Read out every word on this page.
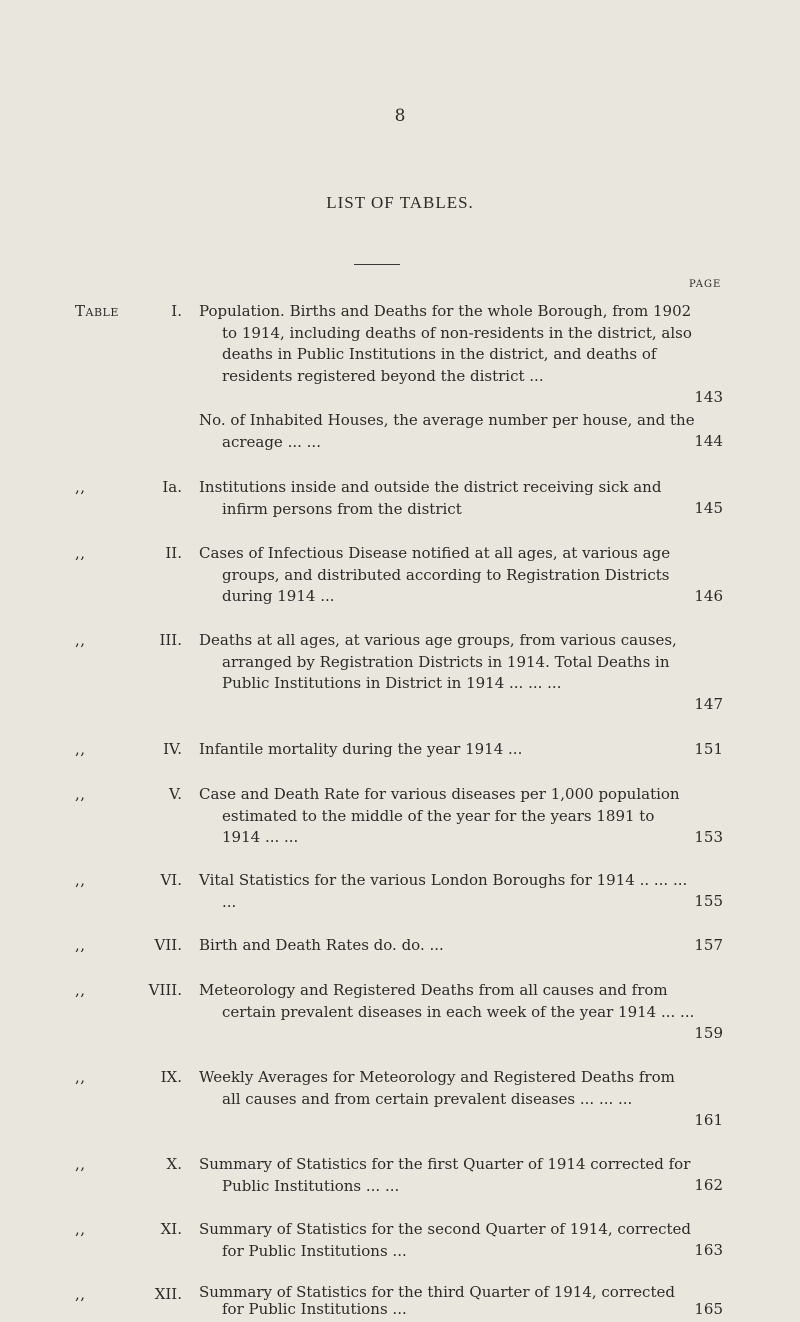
8
LIST OF TABLES.
PAGE
Table	I. Population. Births and Deaths for the whole Borough, from 1902 to 1914, including deaths of non-residents in the district, also deaths in Public Institutions in the district, and deaths of residents registered beyond the district ...
143
No. of Inhabited Houses, the average number per house, and the acreage ... ...	144
,,	Ia. Institutions inside and outside the district receiving sick and infirm persons from the district	145
,,	II. Cases of Infectious Disease notified at all ages, at various age groups, and distributed according to Registration Districts during 1914 ...	146
,,	III. Deaths at all ages, at various age groups, from various causes, arranged by Registration Districts in 1914. Total Deaths in Public Institutions in District in 1914 ... ... ...
147
,,	IV. Infantile mortality during the year 1914 ...	151
,,	V. Case and Death Rate for various diseases per 1,000 population estimated to the middle of the year for the years 1891 to 1914 ... ...	153
,,	VI. Vital Statistics for the various London Boroughs for 1914 .. ... ... ...	155
,,	VII. Birth and Death Rates do. do. ...	157
,,	VIII. Meteorology and Registered Deaths from all causes and from certain prevalent diseases in each week of the year 1914 ... ...
159
,,	IX. Weekly Averages for Meteorology and Registered Deaths from all causes and from certain prevalent diseases ... ... ...
161
,,	X. Summary of Statistics for the first Quarter of 1914 corrected for Public Institutions ... ...	162
,,	XI. Summary of Statistics for the second Quarter of 1914, corrected for Public Institutions ...	163
,,	XII. Summary of Statistics for the third Quarter of 1914, corrected for Public Institutions ...	165
